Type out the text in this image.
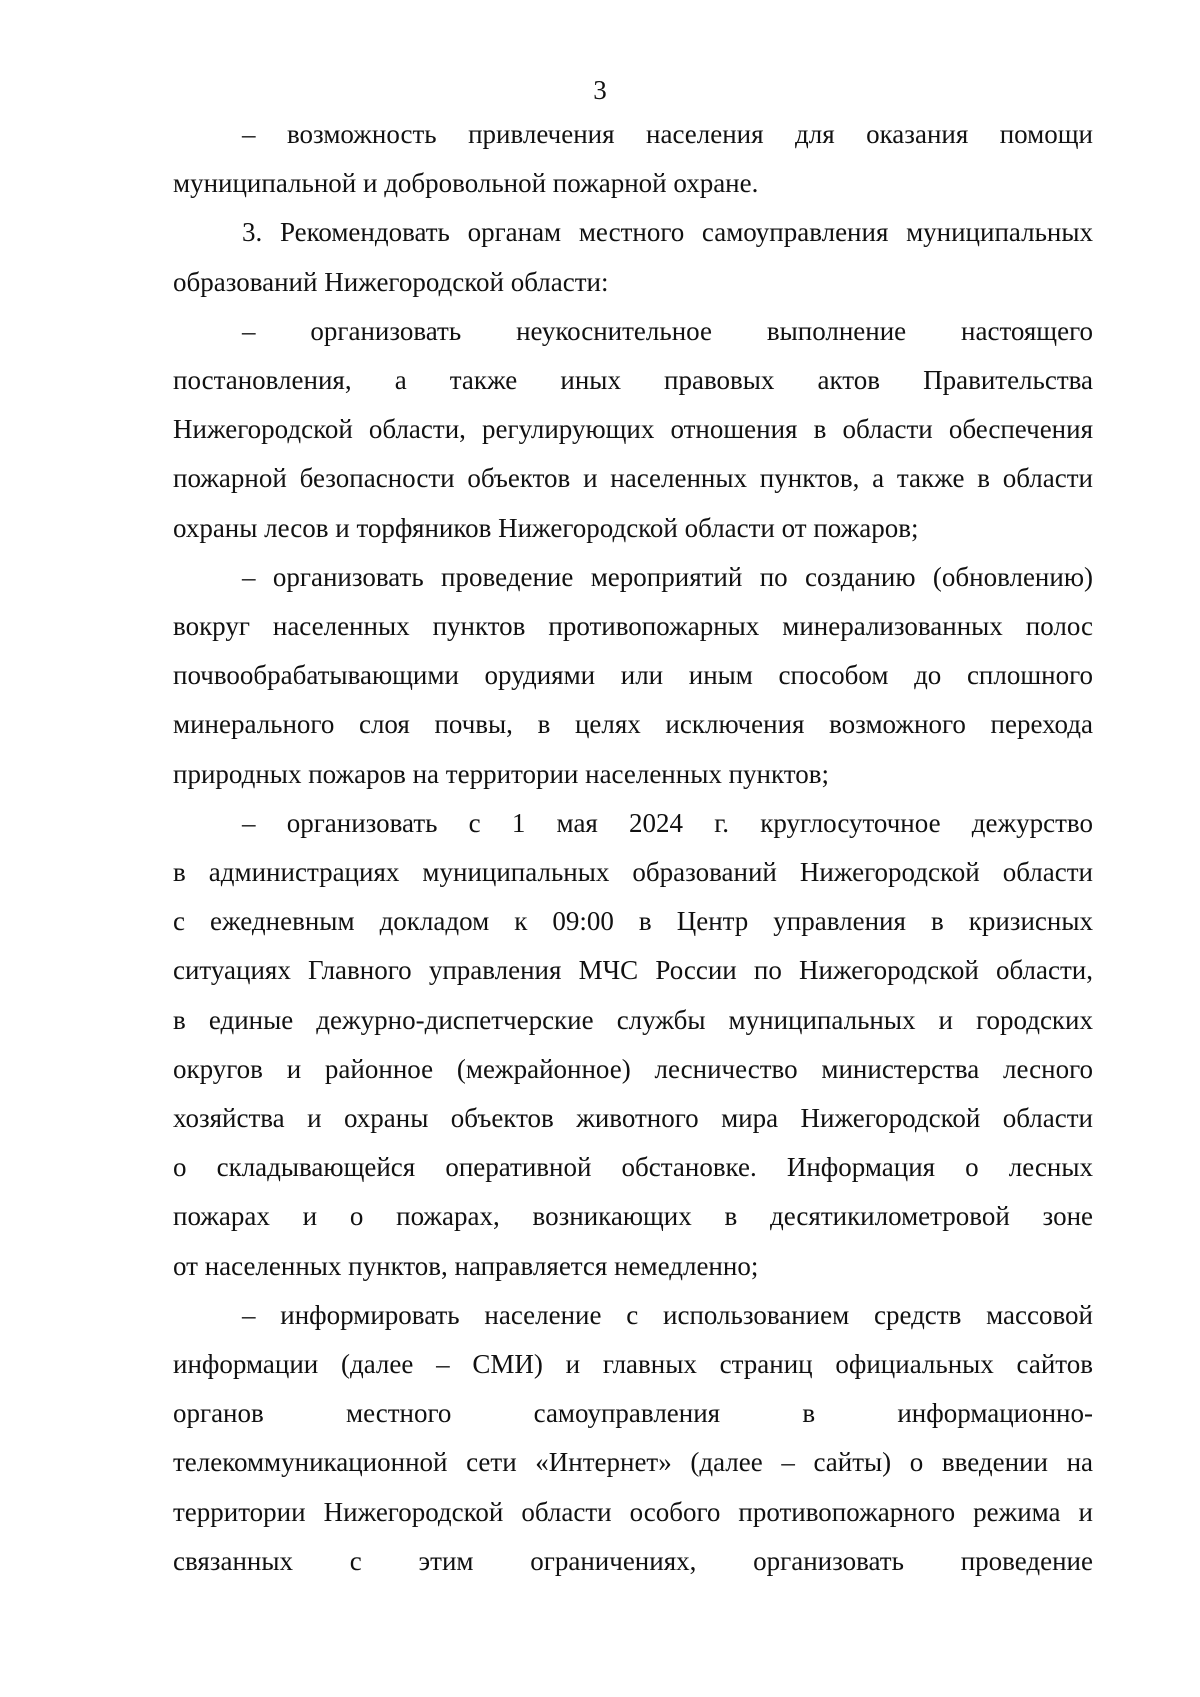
3
– возможность привлечения населения для оказания помощи
муниципальной и добровольной пожарной охране.
3. Рекомендовать органам местного самоуправления муниципальных
образований Нижегородской области:
– организовать неукоснительное выполнение настоящего
постановления, а также иных правовых актов Правительства
Нижегородской области, регулирующих отношения в области обеспечения
пожарной безопасности объектов и населенных пунктов, а также в области
охраны лесов и торфяников Нижегородской области от пожаров;
– организовать проведение мероприятий по созданию (обновлению)
вокруг населенных пунктов противопожарных минерализованных полос
почвообрабатывающими орудиями или иным способом до сплошного
минерального слоя почвы, в целях исключения возможного перехода
природных пожаров на территории населенных пунктов;
– организовать с 1 мая 2024 г. круглосуточное дежурство
в администрациях муниципальных образований Нижегородской области
с ежедневным докладом к 09:00 в Центр управления в кризисных
ситуациях Главного управления МЧС России по Нижегородской области,
в единые дежурно-диспетчерские службы муниципальных и городских
округов и районное (межрайонное) лесничество министерства лесного
хозяйства и охраны объектов животного мира Нижегородской области
о складывающейся оперативной обстановке. Информация о лесных
пожарах и о пожарах, возникающих в десятикилометровой зоне
от населенных пунктов, направляется немедленно;
– информировать население с использованием средств массовой
информации (далее – СМИ) и главных страниц официальных сайтов
органов местного самоуправления в информационно-
телекоммуникационной сети «Интернет» (далее – сайты) о введении на
территории Нижегородской области особого противопожарного режима и
связанных с этим ограничениях, организовать проведение
